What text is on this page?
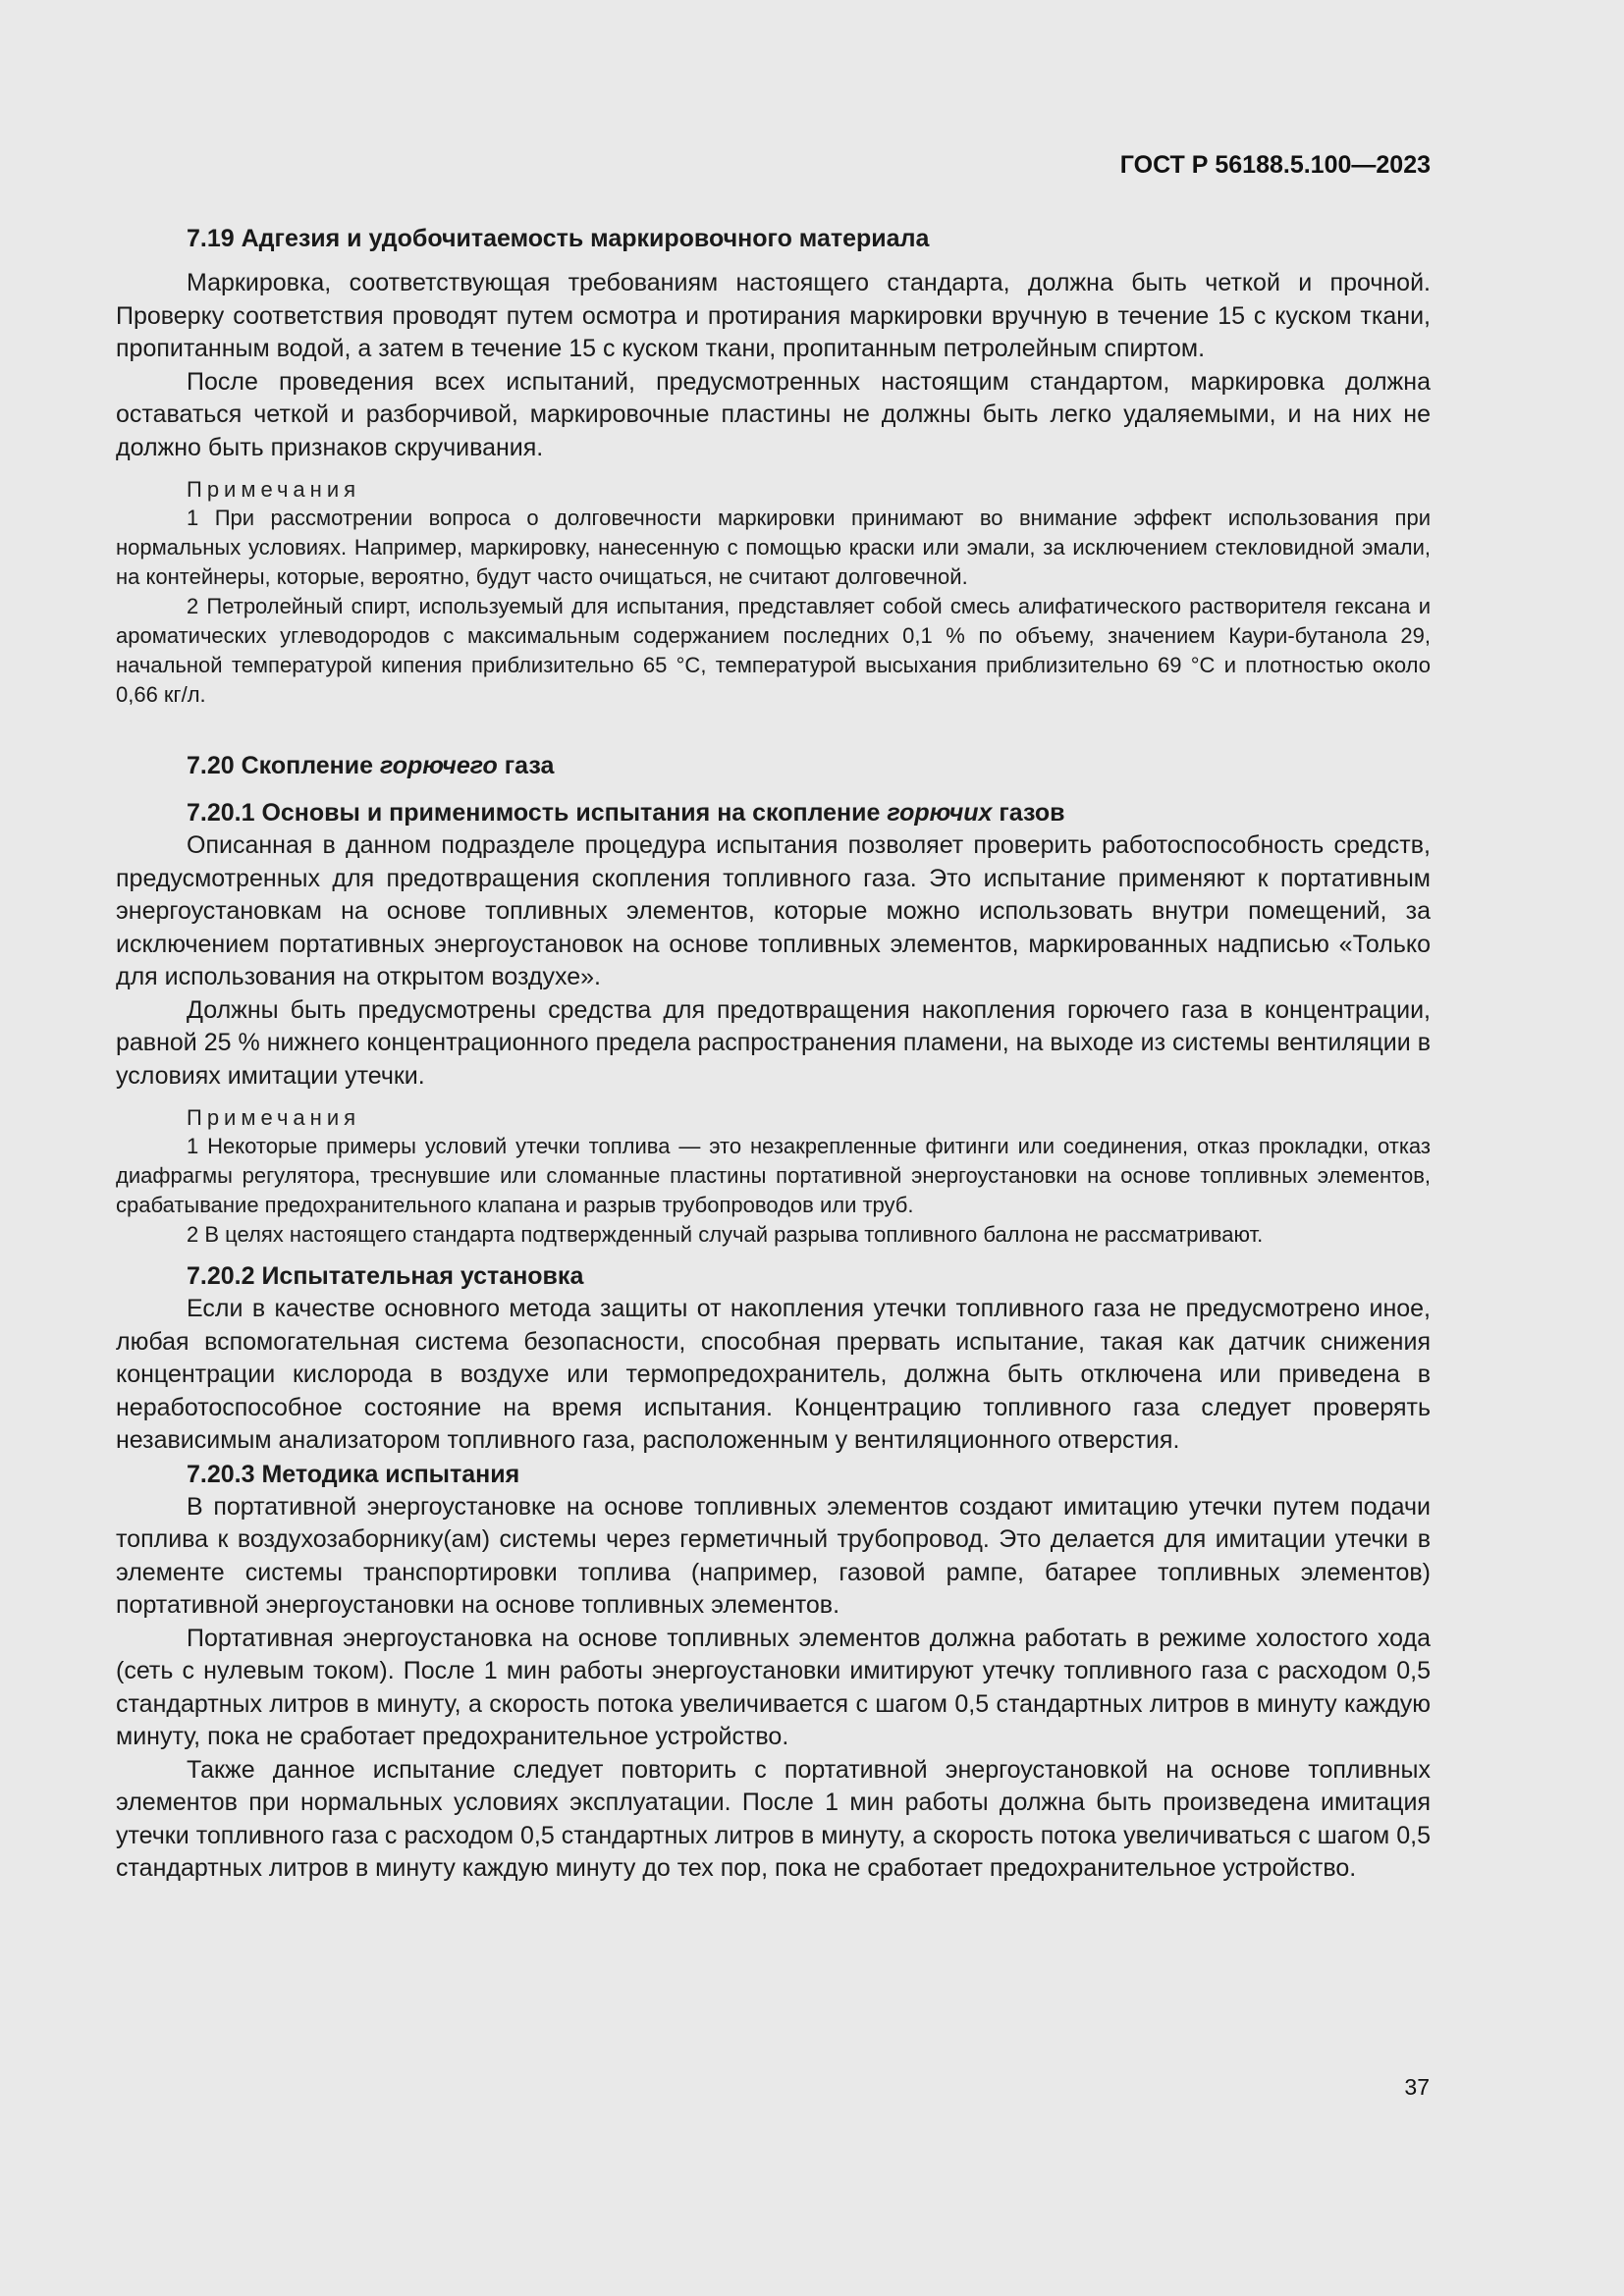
ГОСТ Р 56188.5.100—2023
7.19 Адгезия и удобочитаемость маркировочного материала

Маркировка, соответствующая требованиям настоящего стандарта, должна быть четкой и прочной. Проверку соответствия проводят путем осмотра и протирания маркировки вручную в течение 15 с куском ткани, пропитанным водой, а затем в течение 15 с куском ткани, пропитанным петролейным спиртом.

После проведения всех испытаний, предусмотренных настоящим стандартом, маркировка должна оставаться четкой и разборчивой, маркировочные пластины не должны быть легко удаляемыми, и на них не должно быть признаков скручивания.

Примечания

1 При рассмотрении вопроса о долговечности маркировки принимают во внимание эффект использования при нормальных условиях. Например, маркировку, нанесенную с помощью краски или эмали, за исключением стекловидной эмали, на контейнеры, которые, вероятно, будут часто очищаться, не считают долговечной.

2 Петролейный спирт, используемый для испытания, представляет собой смесь алифатического растворителя гексана и ароматических углеводородов с максимальным содержанием последних 0,1 % по объему, значением Каури-бутанола 29, начальной температурой кипения приблизительно 65 °С, температурой высыхания приблизительно 69 °С и плотностью около 0,66 кг/л.

7.20 Скопление горючего газа
7.20.1 Основы и применимость испытания на скопление горючих газов

Описанная в данном подразделе процедура испытания позволяет проверить работоспособность средств, предусмотренных для предотвращения скопления топливного газа. Это испытание применяют к портативным энергоустановкам на основе топливных элементов, которые можно использовать внутри помещений, за исключением портативных энергоустановок на основе топливных элементов, маркированных надписью «Только для использования на открытом воздухе».

Должны быть предусмотрены средства для предотвращения накопления горючего газа в концентрации, равной 25 % нижнего концентрационного предела распространения пламени, на выходе из системы вентиляции в условиях имитации утечки.

Примечания

1 Некоторые примеры условий утечки топлива — это незакрепленные фитинги или соединения, отказ прокладки, отказ диафрагмы регулятора, треснувшие или сломанные пластины портативной энергоустановки на основе топливных элементов, срабатывание предохранительного клапана и разрыв трубопроводов или труб.

2 В целях настоящего стандарта подтвержденный случай разрыва топливного баллона не рассматривают.

7.20.2 Испытательная установка

Если в качестве основного метода защиты от накопления утечки топливного газа не предусмотрено иное, любая вспомогательная система безопасности, способная прервать испытание, такая как датчик снижения концентрации кислорода в воздухе или термопредохранитель, должна быть отключена или приведена в неработоспособное состояние на время испытания. Концентрацию топливного газа следует проверять независимым анализатором топливного газа, расположенным у вентиляционного отверстия.

7.20.3 Методика испытания

В портативной энергоустановке на основе топливных элементов создают имитацию утечки путем подачи топлива к воздухозаборнику(ам) системы через герметичный трубопровод. Это делается для имитации утечки в элементе системы транспортировки топлива (например, газовой рампе, батарее топливных элементов) портативной энергоустановки на основе топливных элементов.

Портативная энергоустановка на основе топливных элементов должна работать в режиме холостого хода (сеть с нулевым током). После 1 мин работы энергоустановки имитируют утечку топливного газа с расходом 0,5 стандартных литров в минуту, а скорость потока увеличивается с шагом 0,5 стандартных литров в минуту каждую минуту, пока не сработает предохранительное устройство.

Также данное испытание следует повторить с портативной энергоустановкой на основе топливных элементов при нормальных условиях эксплуатации. После 1 мин работы должна быть произведена имитация утечки топливного газа с расходом 0,5 стандартных литров в минуту, а скорость потока увеличиваться с шагом 0,5 стандартных литров в минуту каждую минуту до тех пор, пока не сработает предохранительное устройство.

37
